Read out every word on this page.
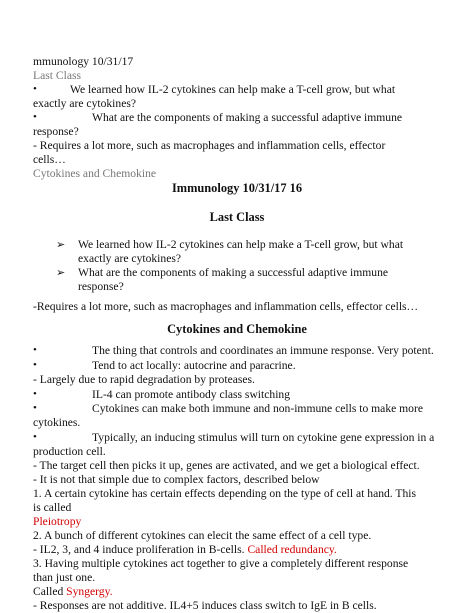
mmunology 10/31/17
Last Class
•	We learned how IL-2 cytokines can help make a T-cell grow, but what
exactly are cytokines?
•	What are the components of making a successful adaptive immune
response?
- Requires a lot more, such as macrophages and inflammation cells, effector
cells…
Cytokines and Chemokine
Immunology 10/31/17 16
Last Class
➢ We learned how IL-2 cytokines can help make a T-cell grow, but what
exactly are cytokines?
➢ What are the components of making a successful adaptive immune
response?
-Requires a lot more, such as macrophages and inflammation cells, effector cells…
Cytokines and Chemokine
•	The thing that controls and coordinates an immune response. Very potent.
•	Tend to act locally: autocrine and paracrine.
- Largely due to rapid degradation by proteases.
•	IL-4 can promote antibody class switching
•	Cytokines can make both immune and non-immune cells to make more
cytokines.
•	Typically, an inducing stimulus will turn on cytokine gene expression in a
production cell.
- The target cell then picks it up, genes are activated, and we get a biological effect.
- It is not that simple due to complex factors, described below
1. A certain cytokine has certain effects depending on the type of cell at hand. This
is called
Pleiotropy
2. A bunch of different cytokines can elecit the same effect of a cell type.
- IL2, 3, and 4 induce proliferation in B-cells. Called redundancy.
3. Having multiple cytokines act together to give a completely different response
than just one.
Called Syngergy.
- Responses are not additive. IL4+5 induces class switch to IgE in B cells.
